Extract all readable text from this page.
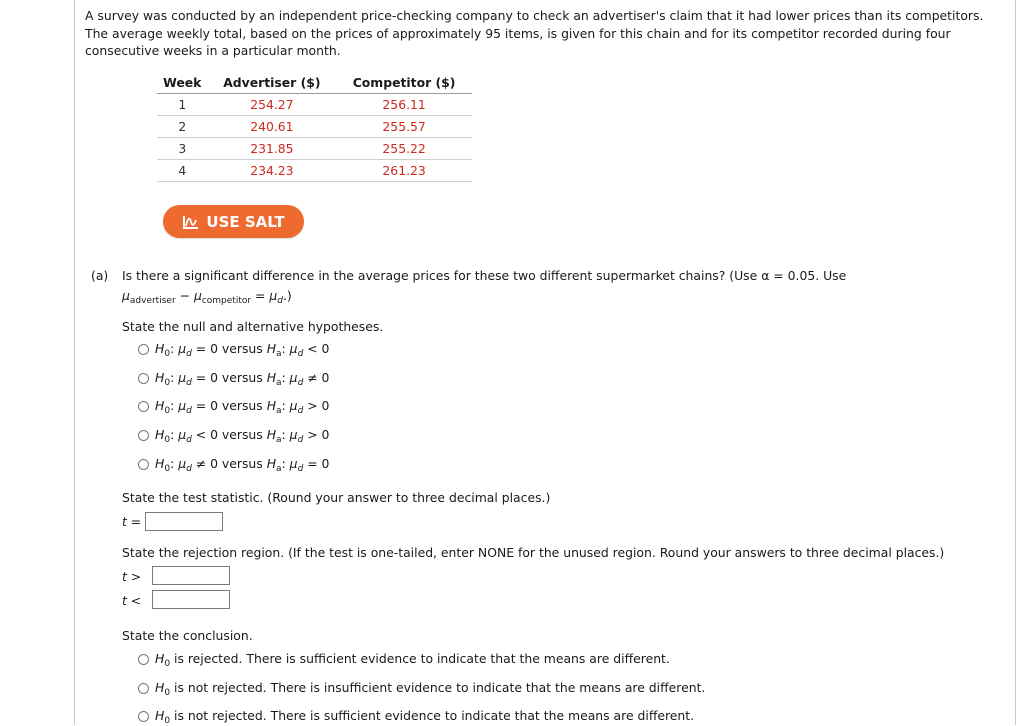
A survey was conducted by an independent price-checking company to check an advertiser's claim that it had lower prices than its competitors. The average weekly total, based on the prices of approximately 95 items, is given for this chain and for its competitor recorded during four consecutive weeks in a particular month.

Week	Advertiser ($)	Competitor ($)
1	254.27	256.11
2	240.61	255.57
3	231.85	255.22
4	234.23	261.23
USE SALT
(a) Is there a significant difference in the average prices for these two different supermarket chains? (Use α = 0.05. Use
$\mu_{advertiser} - \mu_{competitor} = \mu_d$.)
State the null and alternative hypotheses.
$H_0$: $\mu_d = 0$ versus $H_a$: $\mu_d < 0$
$H_0$: $\mu_d = 0$ versus $H_a$: $\mu_d \ne 0$
$H_0$: $\mu_d = 0$ versus $H_a$: $\mu_d > 0$
$H_0$: $\mu_d < 0$ versus $H_a$: $\mu_d > 0$
$H_0$: $\mu_d \ne 0$ versus $H_a$: $\mu_d = 0$
State the test statistic. (Round your answer to three decimal places.)
t =
State the rejection region. (If the test is one-tailed, enter NONE for the unused region. Round your answers to three decimal places.)
t >
t <
State the conclusion.
$H_0$ is rejected. There is sufficient evidence to indicate that the means are different.
$H_0$ is not rejected. There is insufficient evidence to indicate that the means are different.
$H_0$ is not rejected. There is sufficient evidence to indicate that the means are different.
